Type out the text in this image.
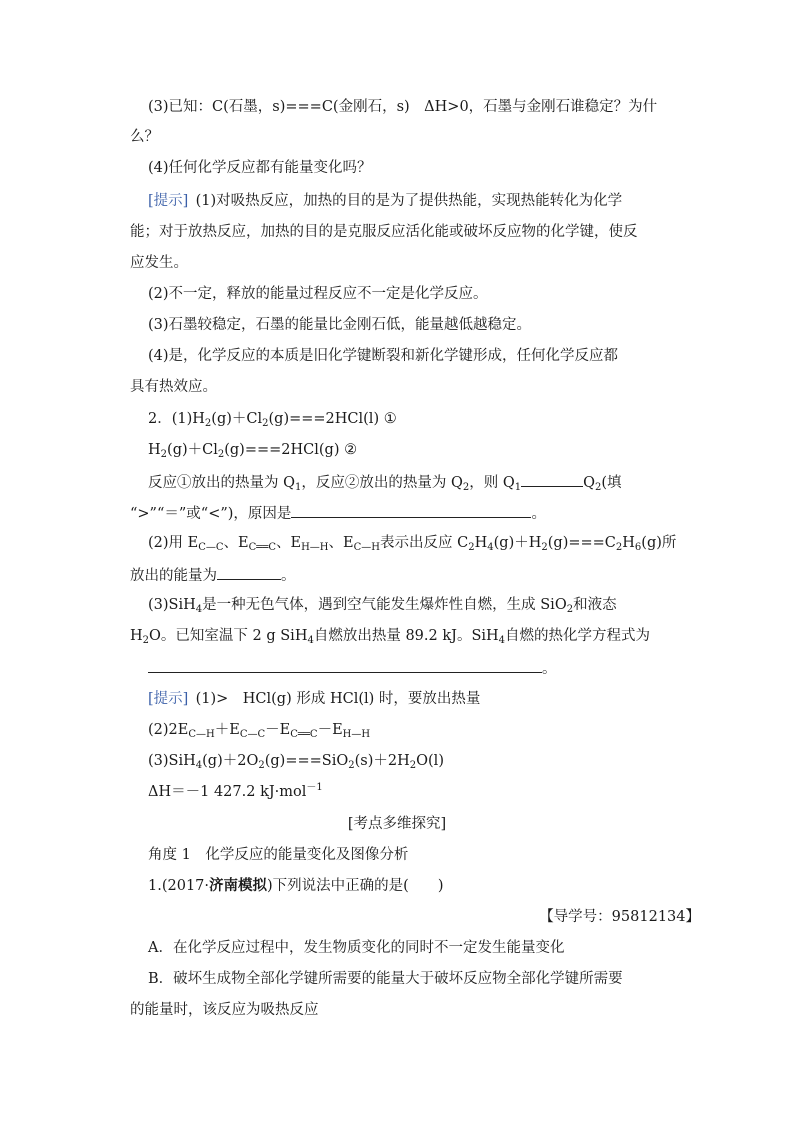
(3)已知：C(石墨，s)===C(金刚石，s)　ΔH>0，石墨与金刚石谁稳定？为什
么？
(4)任何化学反应都有能量变化吗？
[提示]  (1)对吸热反应，加热的目的是为了提供热能，实现热能转化为化学
能；对于放热反应，加热的目的是克服反应活化能或破坏反应物的化学键，使反
应发生。
(2)不一定，释放的能量过程反应不一定是化学反应。
(3)石墨较稳定，石墨的能量比金刚石低，能量越低越稳定。
(4)是，化学反应的本质是旧化学键断裂和新化学键形成，任何化学反应都
具有热效应。
2．$(1)H_2(g)+Cl_2(g)===2HCl(l)$ ①
$H_2(g)+Cl_2(g)===2HCl(g)$ ②
反应①放出的热量为 $Q_1$，反应②放出的热量为 $Q_2$，则 $Q_1$	$Q_2$(填
“>”“＝”或“<”)，原因是	。
(2)用 $E_{C—C}$、$E_{C══C}$、$E_{H—H}$、$E_{C—H}$表示出反应 $C_2H_4(g)+H_2(g)===C_2H_6(g)$所
放出的能量为	。
(3)SiH$_4$是一种无色气体，遇到空气能发生爆炸性自燃，生成 SiO$_2$和液态
$H_2O$。已知室温下 2 g SiH$_4$自燃放出热量 89.2 kJ。SiH$_4$自燃的热化学方程式为
。
[提示]  (1)>　HCl(g) 形成 HCl(l) 时，要放出热量
$(2)2E_{C—H}+E_{C—C}-E_{C══C}-E_{H—H}$
$(3)SiH_4(g)+2O_2(g)===SiO_2(s)+2H_2O(l)$
ΔH＝－1 427.2 kJ·mol$^{-1}$
[考点多维探究]
角度 1　化学反应的能量变化及图像分析
1.(2017·济南模拟)下列说法中正确的是(　　)
【导学号：95812134】
A．在化学反应过程中，发生物质变化的同时不一定发生能量变化
B．破坏生成物全部化学键所需要的能量大于破坏反应物全部化学键所需要
的能量时，该反应为吸热反应
